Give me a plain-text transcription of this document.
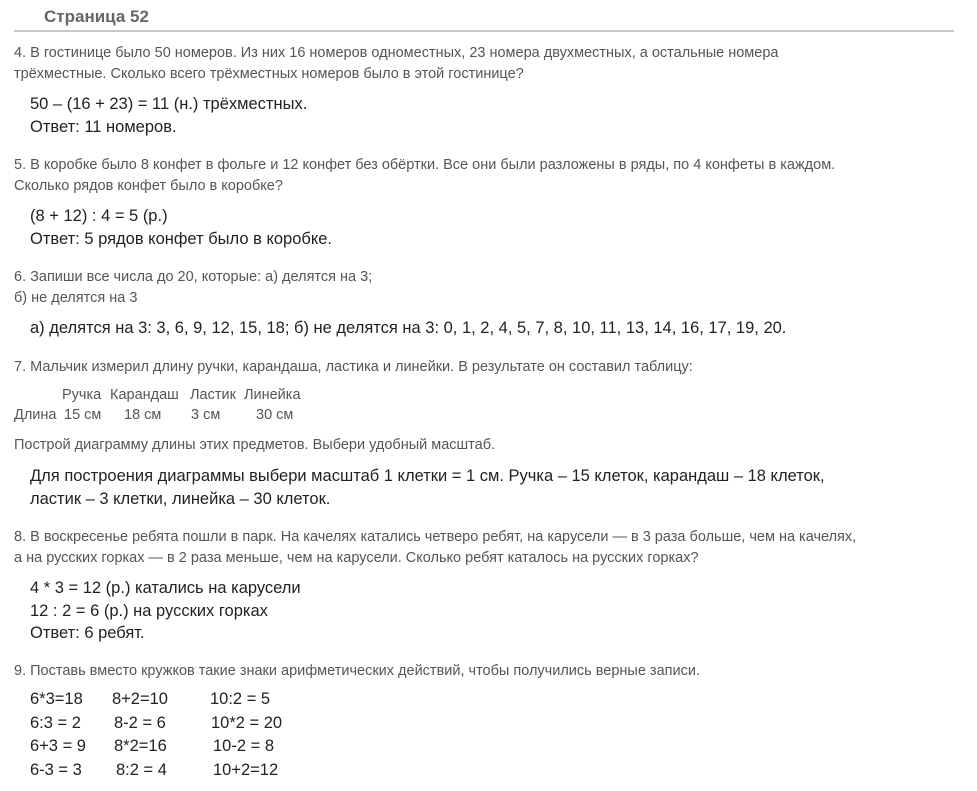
Страница 52
4. В гостинице было 50 номеров. Из них 16 номеров одноместных, 23 номера двухместных, а остальные номера
трёхместные. Сколько всего трёхместных номеров было в этой гостинице?
50 – (16 + 23) = 11 (н.) трёхместных.
Ответ: 11 номеров.
5. В коробке было 8 конфет в фольге и 12 конфет без обёртки. Все они были разложены в ряды, по 4 конфеты в каждом.
Сколько рядов конфет было в коробке?
(8 + 12) : 4 = 5 (р.)
Ответ: 5 рядов конфет было в коробке.
6. Запиши все числа до 20, которые: а) делятся на 3;
б) не делятся на 3
а) делятся на 3: 3, 6, 9, 12, 15, 18; б) не делятся на 3: 0, 1, 2, 4, 5, 7, 8, 10, 11, 13, 14, 16, 17, 19, 20.
7. Мальчик измерил длину ручки, карандаша, ластика и линейки. В результате он составил таблицу:
Ручка Карандаш Ластик Линейка
Длина 15 см 18 см 3 см 30 см
Построй диаграмму длины этих предметов. Выбери удобный масштаб.
Для построения диаграммы выбери масштаб 1 клетки = 1 см. Ручка – 15 клеток, карандаш – 18 клеток,
ластик – 3 клетки, линейка – 30 клеток.
8. В воскресенье ребята пошли в парк. На качелях катались четверо ребят, на карусели — в 3 раза больше, чем на качелях,
а на русских горках — в 2 раза меньше, чем на карусели. Сколько ребят каталось на русских горках?
4 * 3 = 12 (р.) катались на карусели
12 : 2 = 6 (р.) на русских горках
Ответ: 6 ребят.
9. Поставь вместо кружков такие знаки арифметических действий, чтобы получились верные записи.
6*3=18 8+2=10	10:2 = 5
6:3 = 2 8-2 = 6	10*2 = 20
6+3 = 9 8*2=16	10-2 = 8
6-3 = 3 8:2 = 4	10+2=12
